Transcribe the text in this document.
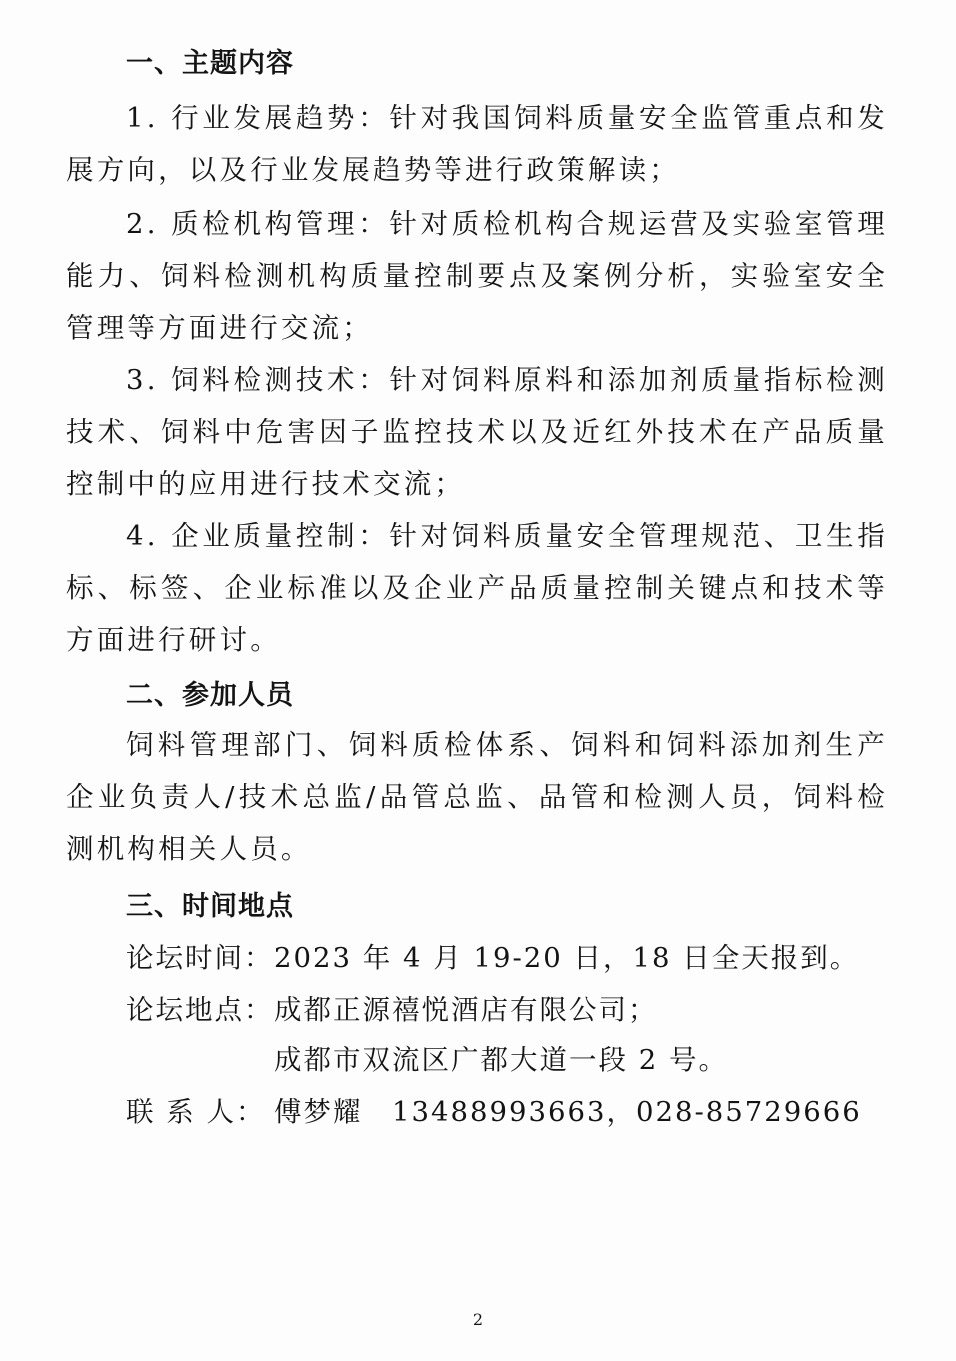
一、主题内容

1. 行业发展趋势：针对我国饲料质量安全监管重点和发展方向，以及行业发展趋势等进行政策解读；

2. 质检机构管理：针对质检机构合规运营及实验室管理能力、饲料检测机构质量控制要点及案例分析，实验室安全管理等方面进行交流；

3. 饲料检测技术：针对饲料原料和添加剂质量指标检测技术、饲料中危害因子监控技术以及近红外技术在产品质量控制中的应用进行技术交流；

4. 企业质量控制：针对饲料质量安全管理规范、卫生指标、标签、企业标准以及企业产品质量控制关键点和技术等方面进行研讨。

二、参加人员

饲料管理部门、饲料质检体系、饲料和饲料添加剂生产企业负责人/技术总监/品管总监、品管和检测人员，饲料检测机构相关人员。

三、时间地点
论坛时间： 2023 年 4 月 19-20 日，18 日全天报到。
论坛地点： 成都正源禧悦酒店有限公司；
成都市双流区广都大道一段 2 号。
联 系 人： 傅梦耀　13488993663，028-85729666
2
